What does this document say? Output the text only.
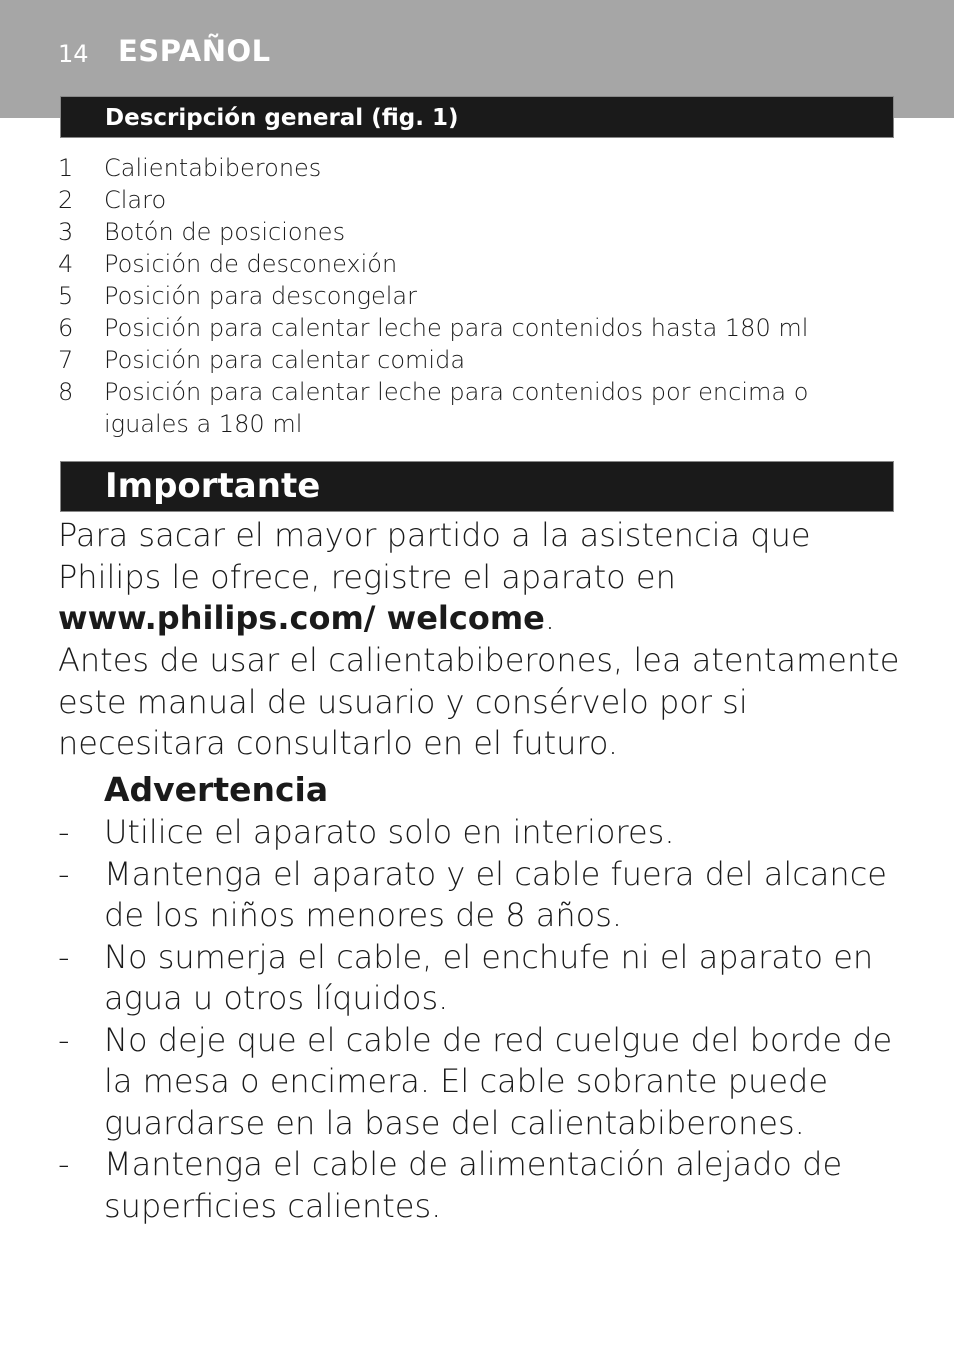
14 ESPAÑOL
Descripción general (fig. 1)
1 Calientabiberones
2 Claro
3 Botón de posiciones
4 Posición de desconexión
5 Posición para descongelar
6 Posición para calentar leche para contenidos hasta 180 ml
7 Posición para calentar comida
8 Posición para calentar leche para contenidos por encima o iguales a 180 ml
Importante

Para sacar el mayor partido a la asistencia que Philips le ofrece, registre el aparato en www.philips.com/ welcome.

Antes de usar el calientabiberones, lea atentamente este manual de usuario y consérvelo por si necesitara consultarlo en el futuro.

Advertencia
- Utilice el aparato solo en interiores.
- Mantenga el aparato y el cable fuera del alcance de los niños menores de 8 años.
- No sumerja el cable, el enchufe ni el aparato en agua u otros líquidos.
- No deje que el cable de red cuelgue del borde de la mesa o encimera. El cable sobrante puede guardarse en la base del calientabiberones.
- Mantenga el cable de alimentación alejado de superficies calientes.
